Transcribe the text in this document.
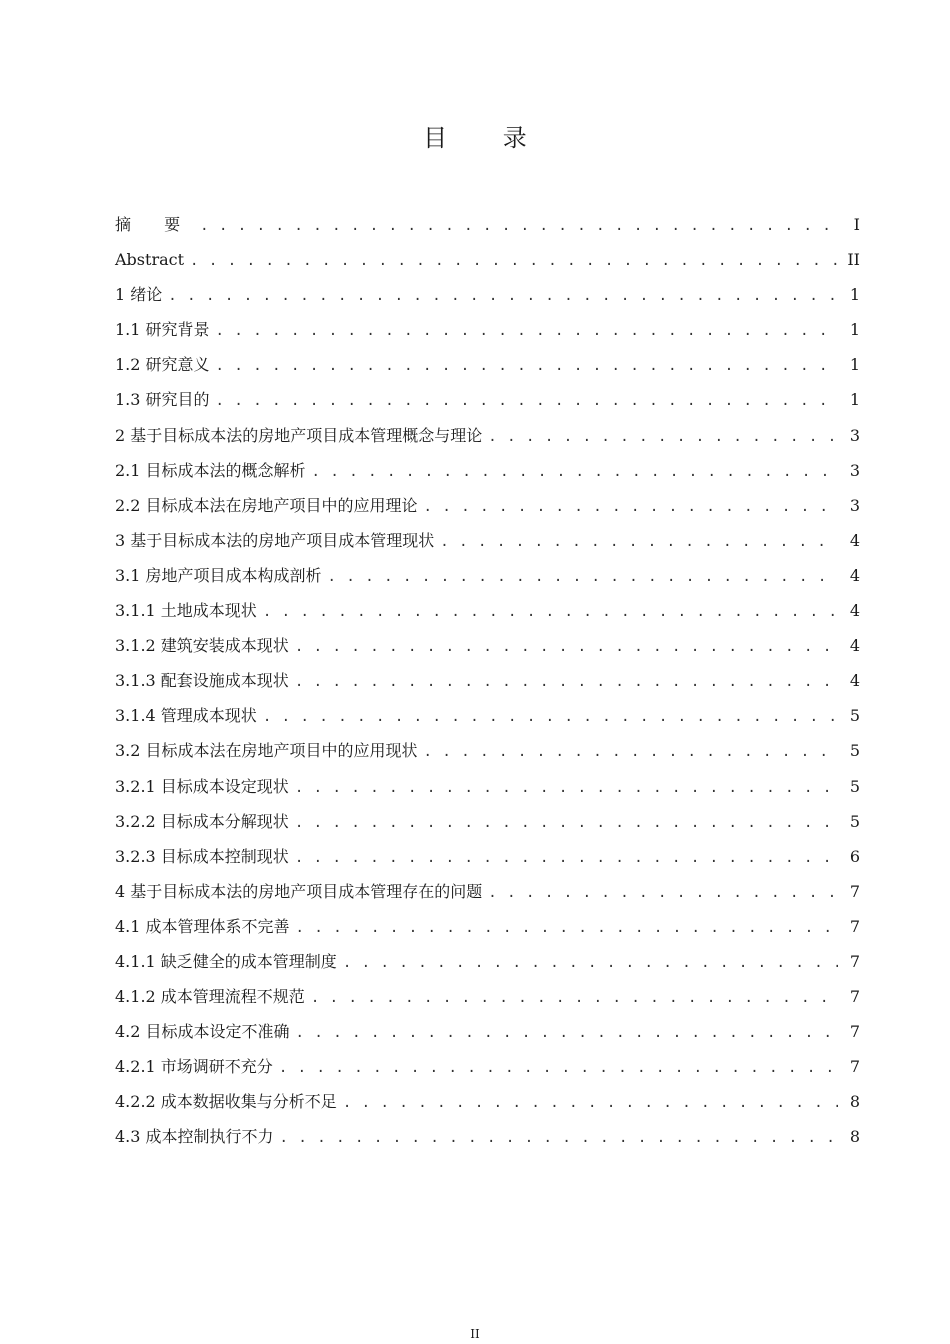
目 录
摘 要 . . .	I
Abstract . . .	II
1 绪论 . . .	1
1.1 研究背景 . . .	1
1.2 研究意义 . . .	1
1.3 研究目的 . . .	1
2 基于目标成本法的房地产项目成本管理概念与理论 . . .	3
2.1 目标成本法的概念解析 . . .	3
2.2 目标成本法在房地产项目中的应用理论 . . .	3
3 基于目标成本法的房地产项目成本管理现状 . . .	4
3.1 房地产项目成本构成剖析 . . .	4
3.1.1 土地成本现状 . . .	4
3.1.2 建筑安装成本现状 . . .	4
3.1.3 配套设施成本现状 . . .	4
3.1.4 管理成本现状 . . .	5
3.2 目标成本法在房地产项目中的应用现状 . . .	5
3.2.1 目标成本设定现状 . . .	5
3.2.2 目标成本分解现状 . . .	5
3.2.3 目标成本控制现状 . . .	6
4 基于目标成本法的房地产项目成本管理存在的问题 . . .	7
4.1 成本管理体系不完善 . . .	7
4.1.1 缺乏健全的成本管理制度 . . .	7
4.1.2 成本管理流程不规范 . . .	7
4.2 目标成本设定不准确 . . .	7
4.2.1 市场调研不充分 . . .	7
4.2.2 成本数据收集与分析不足 . . .	8
4.3 成本控制执行不力 . . .	8
II
